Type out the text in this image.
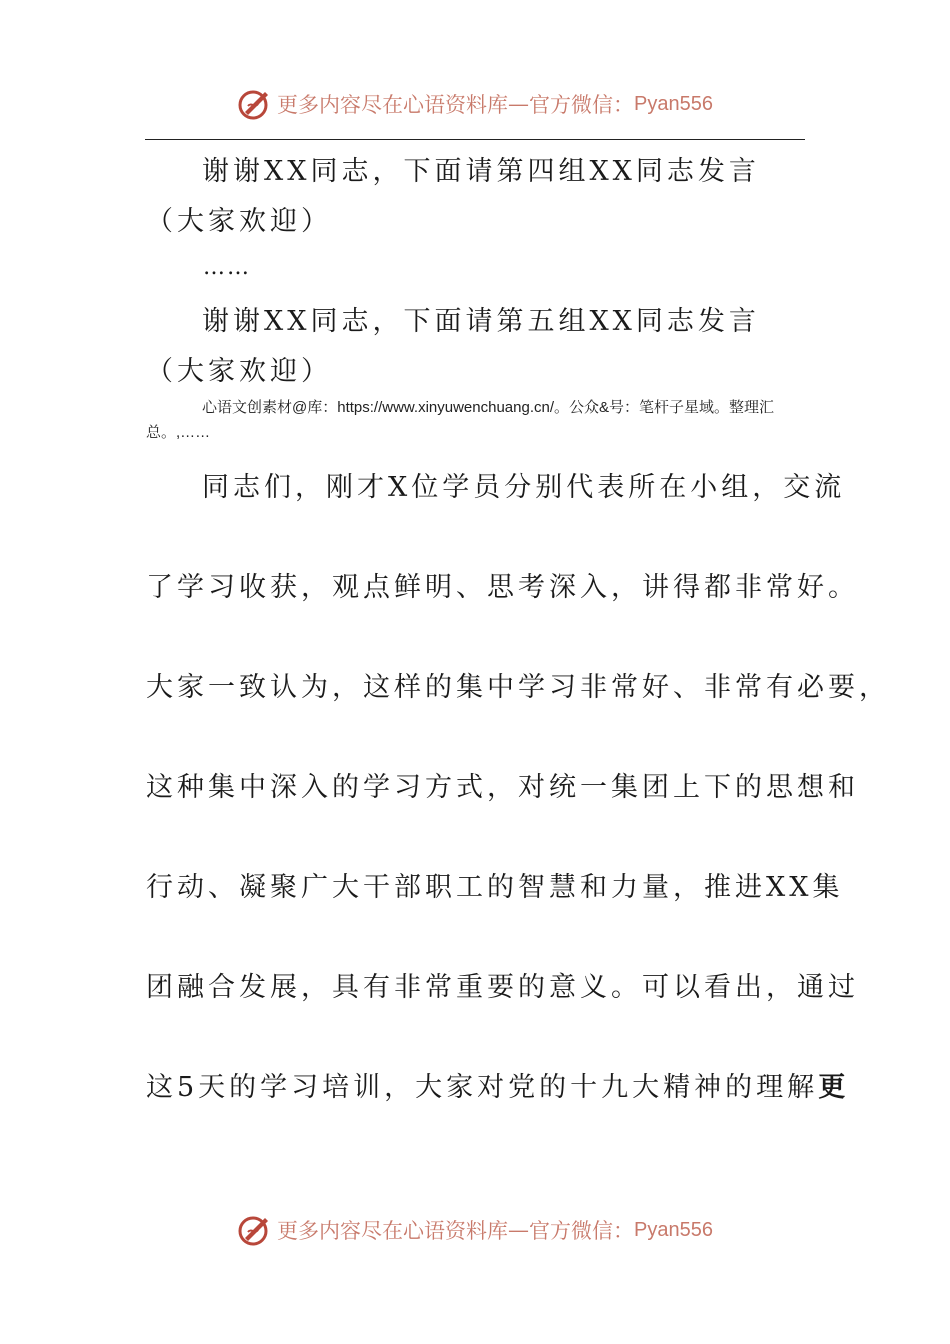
更多内容尽在心语资料库 — 官方微信： Pyan556

谢谢XX同志，下面请第四组XX同志发言（大家欢迎）

……

谢谢XX同志，下面请第五组XX同志发言（大家欢迎）

心语文创素材@库：https://www.xinyuwenchuang.cn/。公众&号：笔杆子星域。整理汇总。,……
同志们，刚才X位学员分别代表所在小组，交流
了学习收获，观点鲜明、思考深入，讲得都非常好。
大家一致认为，这样的集中学习非常好、非常有必要，
这种集中深入的学习方式，对统一集团上下的思想和
行动、凝聚广大干部职工的智慧和力量，推进XX集
团融合发展，具有非常重要的意义。可以看出，通过
这5天的学习培训，大家对党的十九大精神的理解更
更多内容尽在心语资料库 — 官方微信： Pyan556
